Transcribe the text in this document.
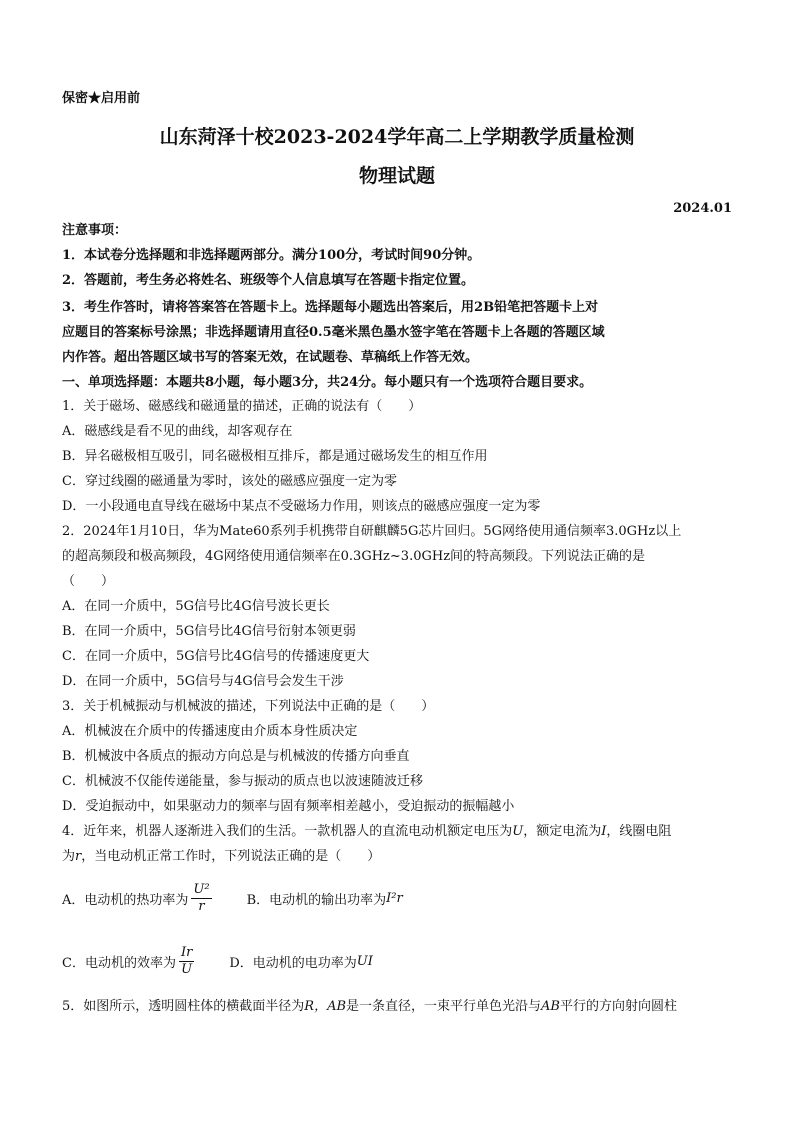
保密★启用前
山东菏泽十校2023-2024学年高二上学期教学质量检测
物理试题
2024.01
注意事项：
1．本试卷分选择题和非选择题两部分。满分100分，考试时间90分钟。
2．答题前，考生务必将姓名、班级等个人信息填写在答题卡指定位置。
3．考生作答时，请将答案答在答题卡上。选择题每小题选出答案后，用2B铅笔把答题卡上对
应题目的答案标号涂黑；非选择题请用直径0.5毫米黑色墨水签字笔在答题卡上各题的答题区域
内作答。超出答题区域书写的答案无效，在试题卷、草稿纸上作答无效。
一、单项选择题：本题共8小题，每小题3分，共24分。每小题只有一个选项符合题目要求。
1．关于磁场、磁感线和磁通量的描述，正确的说法有（　　）
A．磁感线是看不见的曲线，却客观存在
B．异名磁极相互吸引，同名磁极相互排斥，都是通过磁场发生的相互作用
C．穿过线圈的磁通量为零时，该处的磁感应强度一定为零
D．一小段通电直导线在磁场中某点不受磁场力作用，则该点的磁感应强度一定为零
2．2024年1月10日，华为Mate60系列手机携带自研麒麟5G芯片回归。5G网络使用通信频率3.0GHz以上
的超高频段和极高频段，4G网络使用通信频率在0.3GHz~3.0GHz间的特高频段。下列说法正确的是
（　　）
A．在同一介质中，5G信号比4G信号波长更长
B．在同一介质中，5G信号比4G信号衍射本领更弱
C．在同一介质中，5G信号比4G信号的传播速度更大
D．在同一介质中，5G信号与4G信号会发生干涉
3．关于机械振动与机械波的描述，下列说法中正确的是（　　）
A．机械波在介质中的传播速度由介质本身性质决定
B．机械波中各质点的振动方向总是与机械波的传播方向垂直
C．机械波不仅能传递能量，参与振动的质点也以波速随波迁移
D．受迫振动中，如果驱动力的频率与固有频率相差越小，受迫振动的振幅越小
4．近年来，机器人逐渐进入我们的生活。一款机器人的直流电动机额定电压为U，额定电流为I，线圈电阻
为r，当电动机正常工作时，下列说法正确的是（　　）
A．电动机的热功率为 $\frac{\text{U²}}{r}$	B．电动机的输出功率为 I²r
C．电动机的效率为 $\frac{Ir}{U}$	D．电动机的电功率为 UI
5．如图所示，透明圆柱体的横截面半径为R，AB是一条直径，一束平行单色光沿与AB平行的方向射向圆柱
